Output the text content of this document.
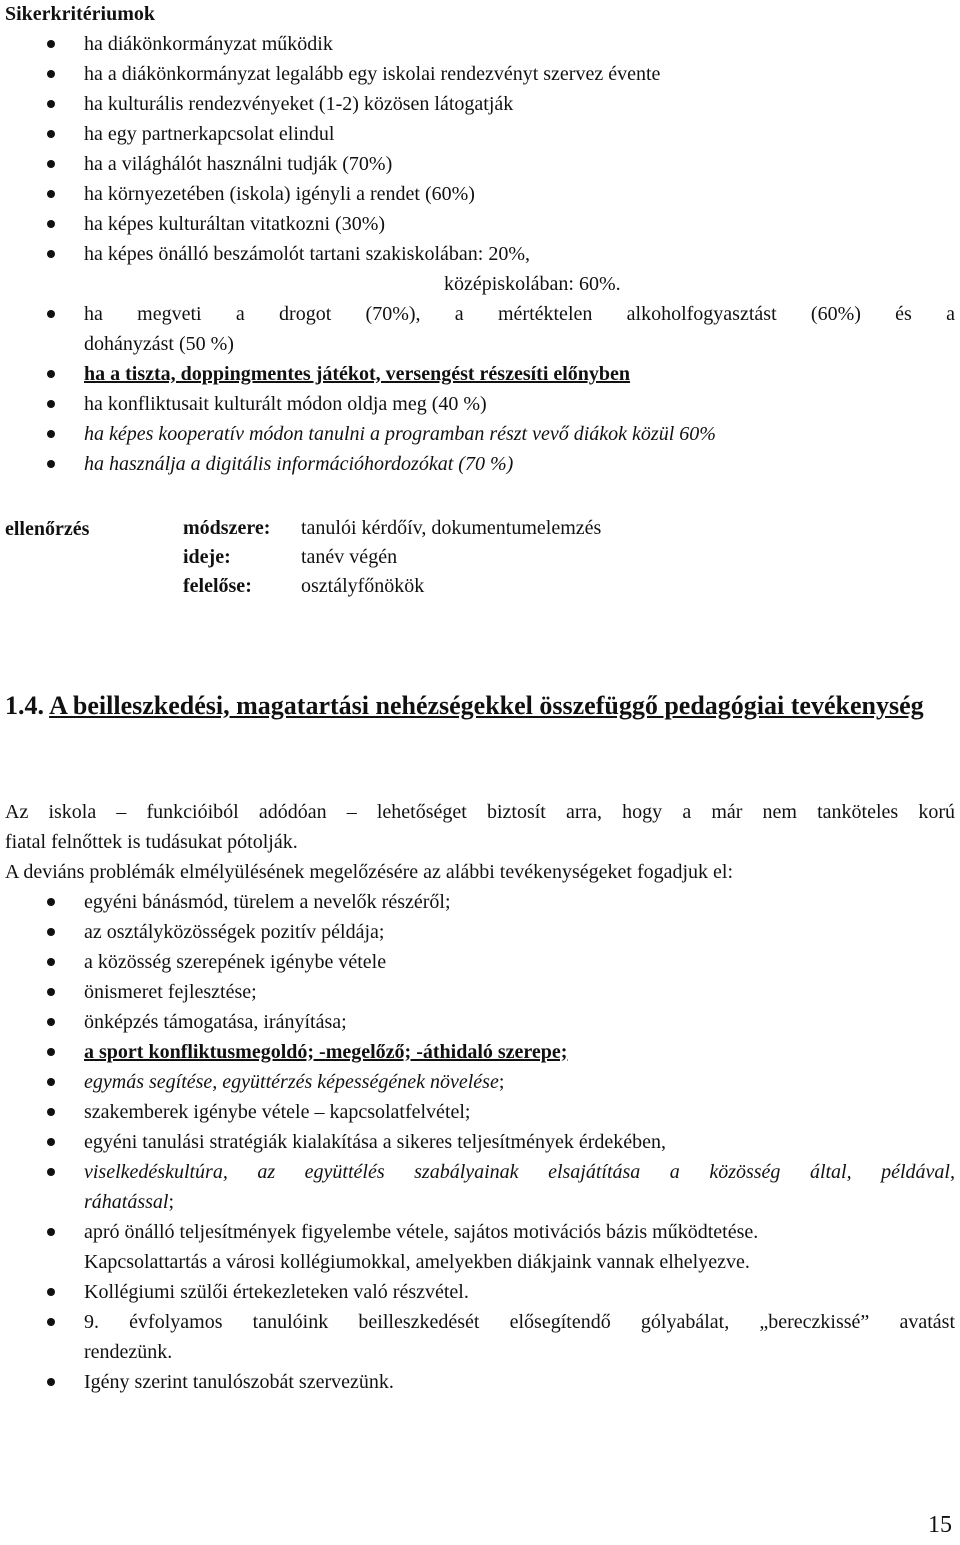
Sikerkritériumok
ha diákönkormányzat működik
ha a diákönkormányzat legalább egy iskolai rendezvényt szervez évente
ha kulturális rendezvényeket (1-2) közösen látogatják
ha egy partnerkapcsolat elindul
ha a világhálót használni tudják (70%)
ha környezetében (iskola) igényli a rendet (60%)
ha képes kulturáltan vitatkozni (30%)
ha képes önálló beszámolót tartani szakiskolában: 20%,
középiskolában: 60%.
ha megveti a drogot (70%), a mértéktelen alkoholfogyasztást (60%) és a
dohányzást (50 %)
ha a tiszta, doppingmentes játékot, versengést részesíti előnyben
ha konfliktusait kulturált módon oldja meg (40 %)
ha képes kooperatív módon tanulni a programban részt vevő diákok közül 60%
ha használja a digitális információhordozókat (70 %)
ellenőrzés	módszere: tanulói kérdőív, dokumentumelemzés
ideje:	tanév végén
felelőse: osztályfőnökök
1.4. A beilleszkedési, magatartási nehézségekkel összefüggő pedagógiai tevékenység
Az iskola – funkcióiból adódóan – lehetőséget biztosít arra, hogy a már nem tanköteles korú
fiatal felnőttek is tudásukat pótolják.
A deviáns problémák elmélyülésének megelőzésére az alábbi tevékenységeket fogadjuk el:
egyéni bánásmód, türelem a nevelők részéről;
az osztályközösségek pozitív példája;
a közösség szerepének igénybe vétele
önismeret fejlesztése;
önképzés támogatása, irányítása;
a sport konfliktusmegoldó; -megelőző; -áthidaló szerepe;
egymás segítése, együttérzés képességének növelése;
szakemberek igénybe vétele – kapcsolatfelvétel;
egyéni tanulási stratégiák kialakítása a sikeres teljesítmények érdekében,
viselkedéskultúra, az együttélés szabályainak elsajátítása a közösség által, példával,
ráhatással;
apró önálló teljesítmények figyelembe vétele, sajátos motivációs bázis működtetése.
Kapcsolattartás a városi kollégiumokkal, amelyekben diákjaink vannak elhelyezve.
Kollégiumi szülői értekezleteken való részvétel.
9. évfolyamos tanulóink beilleszkedését elősegítendő gólyabálat, „bereczkissé” avatást
rendezünk.
Igény szerint tanulószobát szervezünk.
15
